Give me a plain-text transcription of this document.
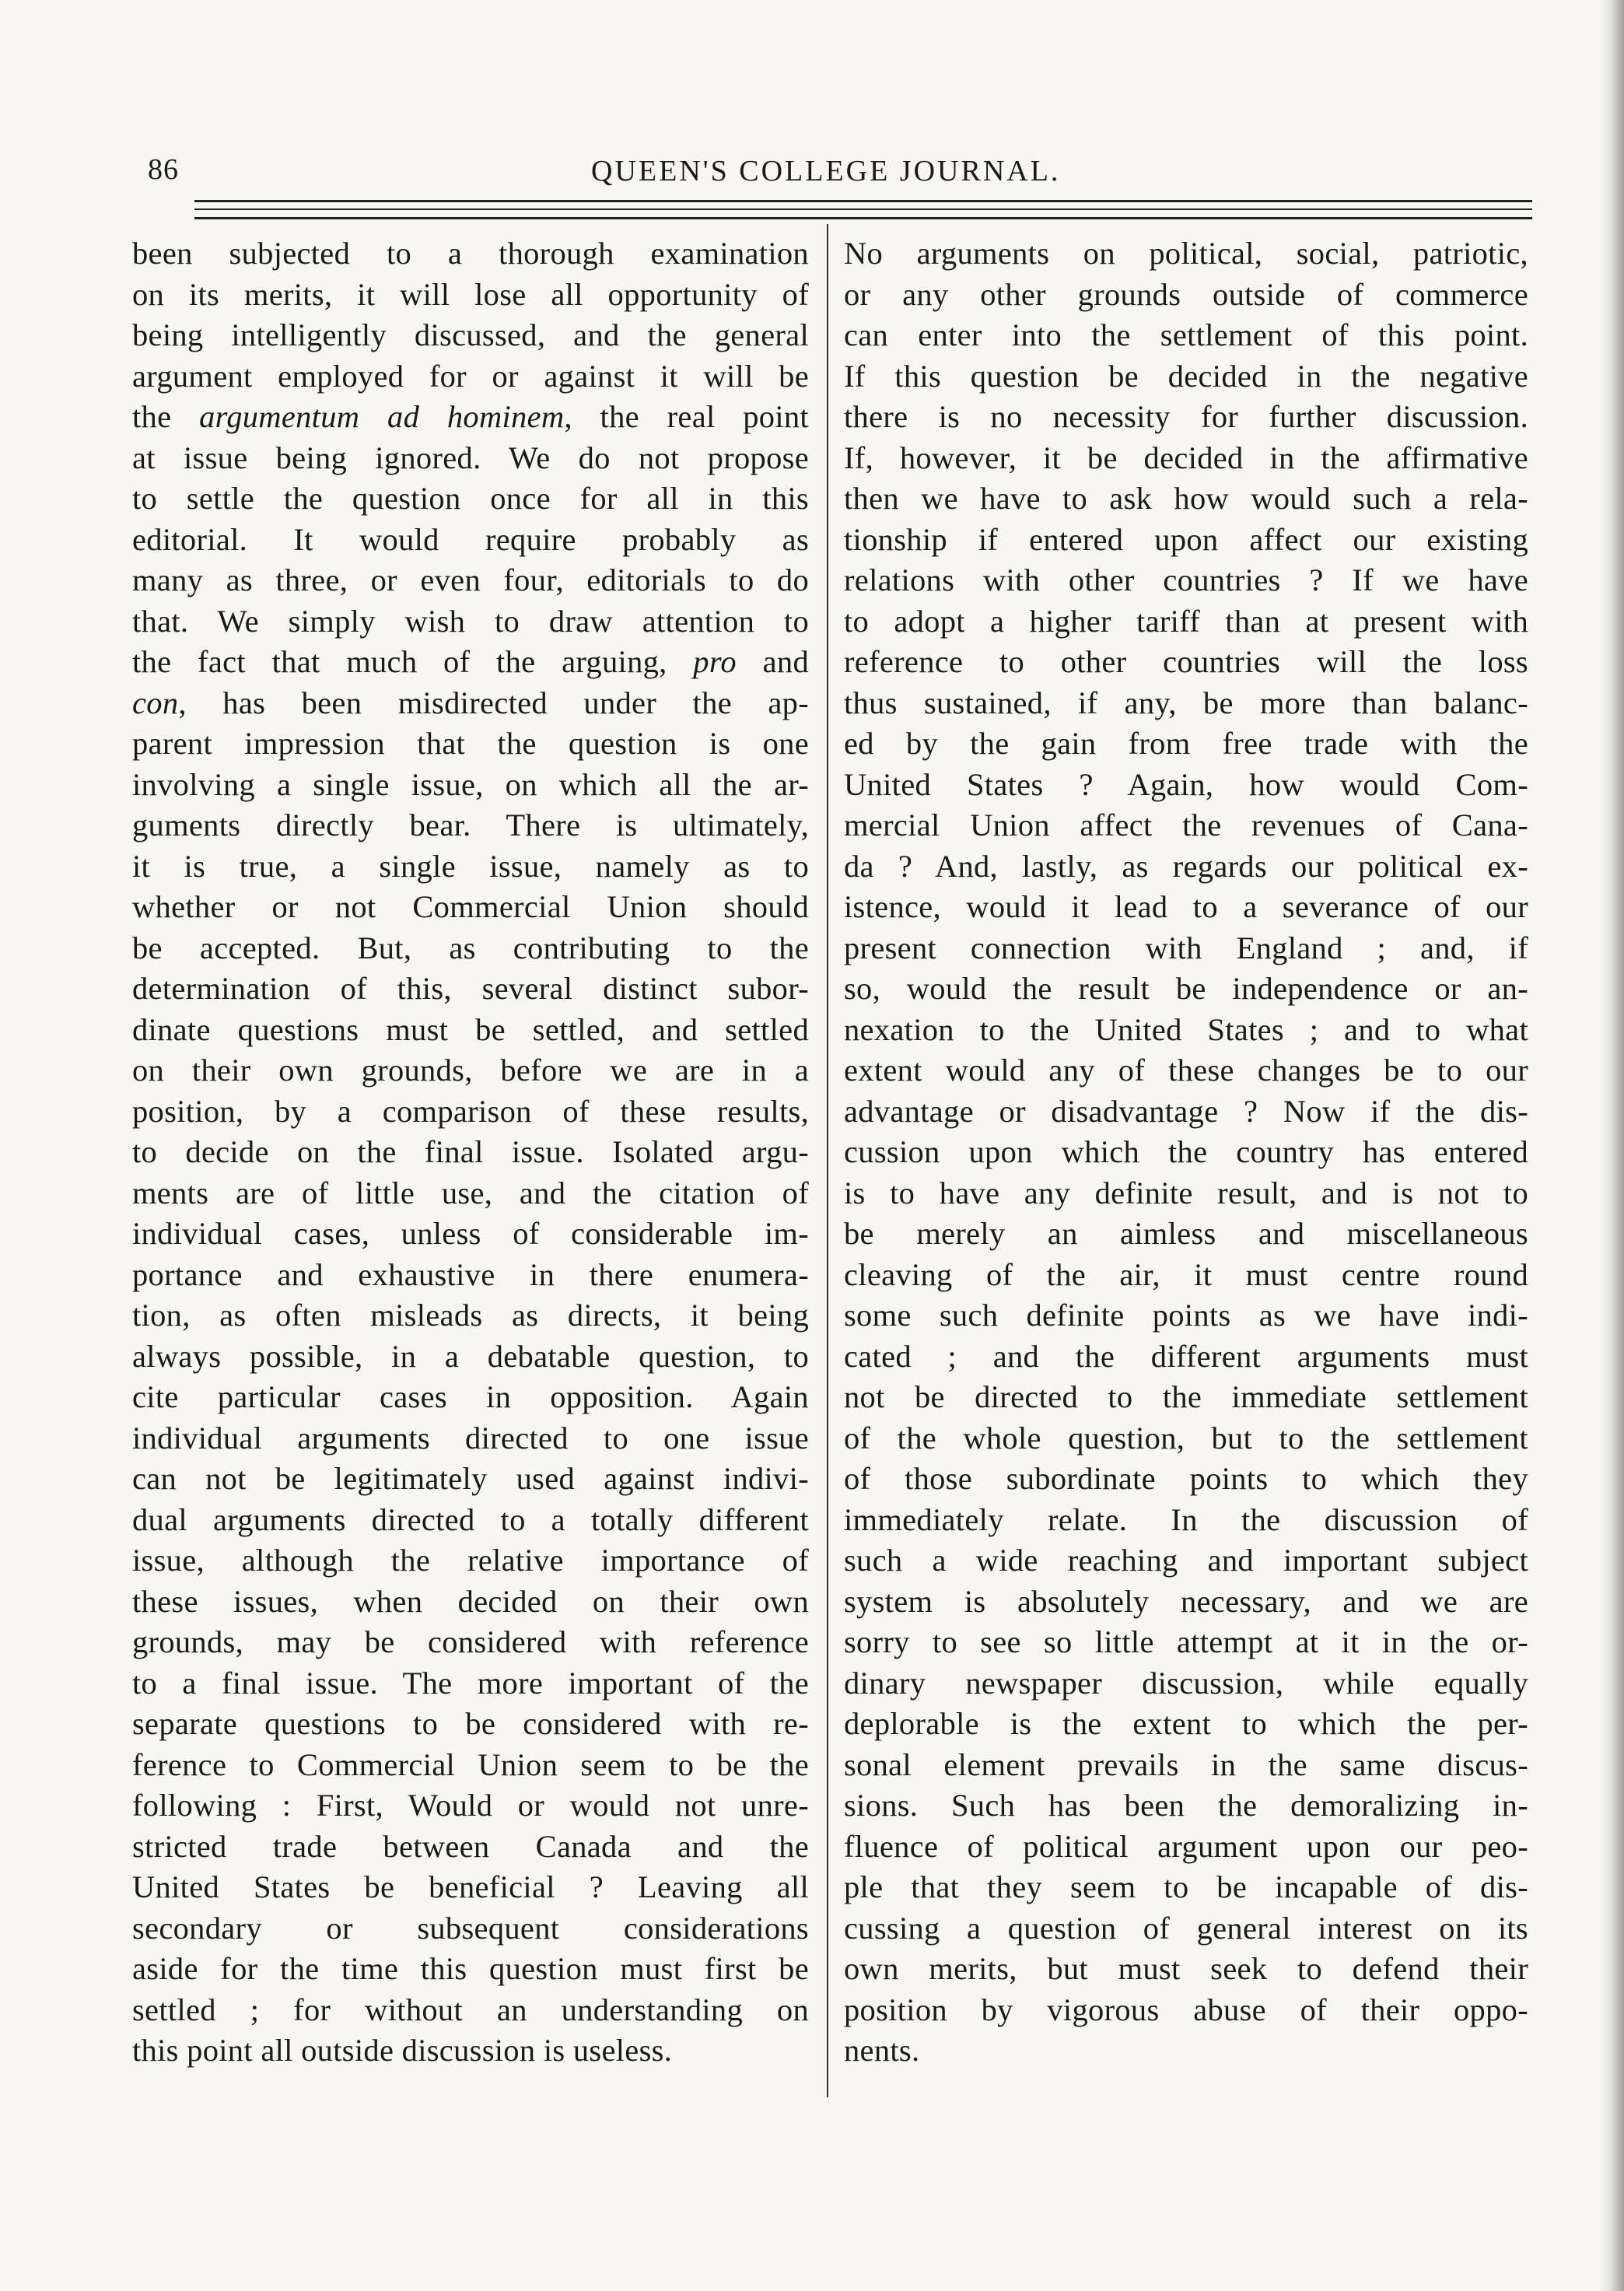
86	QUEEN'S COLLEGE JOURNAL.
been subjected to a thorough examination
on its merits, it will lose all opportunity of
being intelligently discussed, and the general
argument employed for or against it will be
the argumentum ad hominem, the real point
at issue being ignored. We do not propose
to settle the question once for all in this
editorial. It would require probably as
many as three, or even four, editorials to do
that. We simply wish to draw attention to
the fact that much of the arguing, pro and
con, has been misdirected under the ap-
parent impression that the question is one
involving a single issue, on which all the ar-
guments directly bear. There is ultimately,
it is true, a single issue, namely as to
whether or not Commercial Union should
be accepted. But, as contributing to the
determination of this, several distinct subor-
dinate questions must be settled, and settled
on their own grounds, before we are in a
position, by a comparison of these results,
to decide on the final issue. Isolated argu-
ments are of little use, and the citation of
individual cases, unless of considerable im-
portance and exhaustive in there enumera-
tion, as often misleads as directs, it being
always possible, in a debatable question, to
cite particular cases in opposition. Again
individual arguments directed to one issue
can not be legitimately used against indivi-
dual arguments directed to a totally different
issue, although the relative importance of
these issues, when decided on their own
grounds, may be considered with reference
to a final issue. The more important of the
separate questions to be considered with re-
ference to Commercial Union seem to be the
following : First, Would or would not unre-
stricted trade between Canada and the
United States be beneficial ? Leaving all
secondary or subsequent considerations
aside for the time this question must first be
settled ; for without an understanding on
this point all outside discussion is useless.
No arguments on political, social, patriotic,
or any other grounds outside of commerce
can enter into the settlement of this point.
If this question be decided in the negative
there is no necessity for further discussion.
If, however, it be decided in the affirmative
then we have to ask how would such a rela-
tionship if entered upon affect our existing
relations with other countries ? If we have
to adopt a higher tariff than at present with
reference to other countries will the loss
thus sustained, if any, be more than balanc-
ed by the gain from free trade with the
United States ? Again, how would Com-
mercial Union affect the revenues of Cana-
da ? And, lastly, as regards our political ex-
istence, would it lead to a severance of our
present connection with England ; and, if
so, would the result be independence or an-
nexation to the United States ; and to what
extent would any of these changes be to our
advantage or disadvantage ? Now if the dis-
cussion upon which the country has entered
is to have any definite result, and is not to
be merely an aimless and miscellaneous
cleaving of the air, it must centre round
some such definite points as we have indi-
cated ; and the different arguments must
not be directed to the immediate settlement
of the whole question, but to the settlement
of those subordinate points to which they
immediately relate. In the discussion of
such a wide reaching and important subject
system is absolutely necessary, and we are
sorry to see so little attempt at it in the or-
dinary newspaper discussion, while equally
deplorable is the extent to which the per-
sonal element prevails in the same discus-
sions. Such has been the demoralizing in-
fluence of political argument upon our peo-
ple that they seem to be incapable of dis-
cussing a question of general interest on its
own merits, but must seek to defend their
position by vigorous abuse of their oppo-
nents.
